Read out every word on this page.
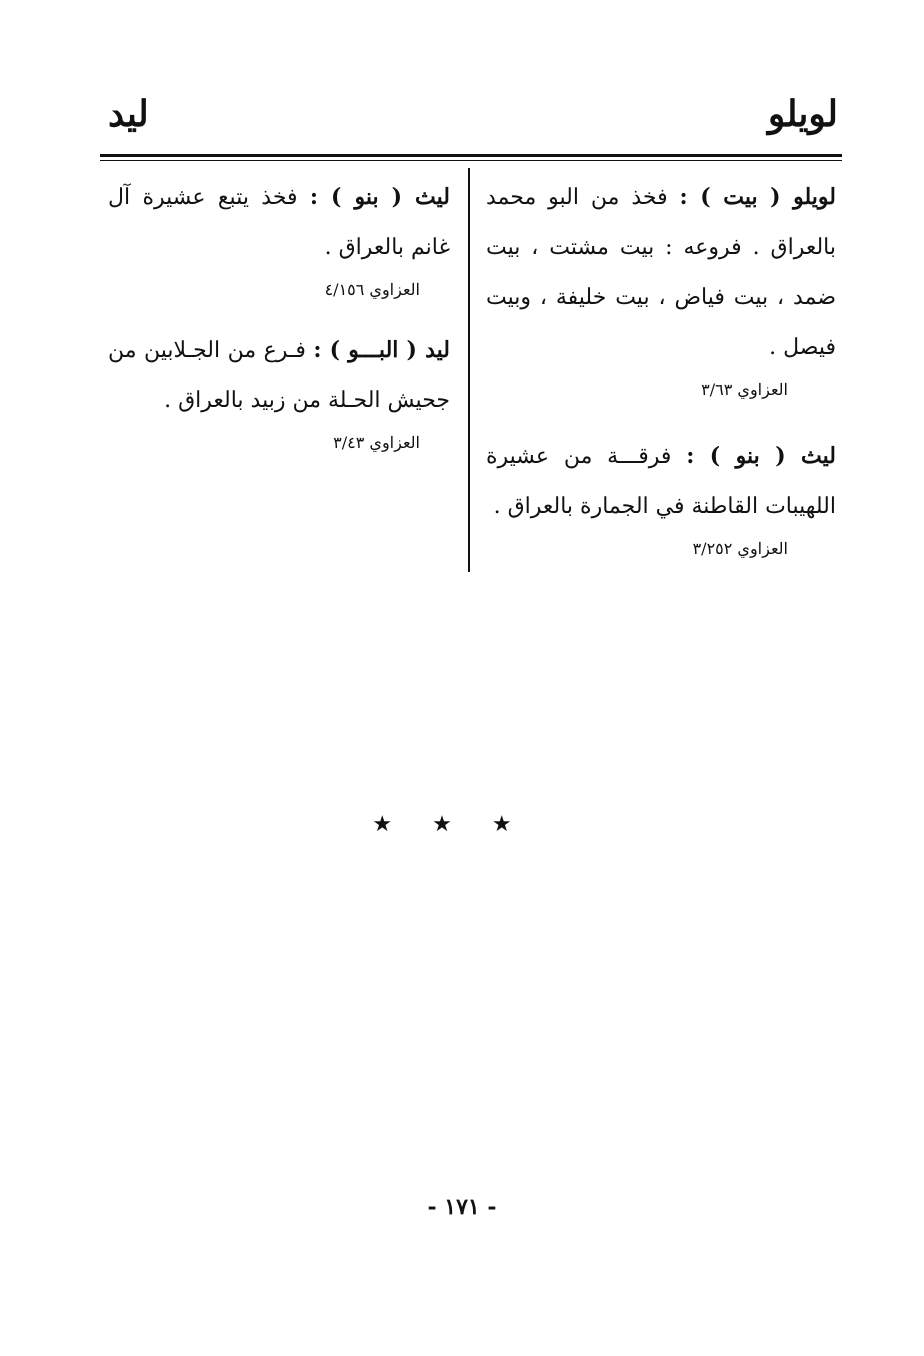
لويلو
ليد

لويلو ( بيت ) : فخذ من البو محمد بالعراق . فروعه : بيت مشتت ، بيت ضمد ، بيت فياض ، بيت خليفة ، وبيت فيصل .

العزاوي ٣/٦٣

ليث ( بنو ) : فرقـــة من عشيرة اللهيبات القاطنة في الجمارة بالعراق .

العزاوي ٣/٢٥٢

ليث ( بنو ) : فخذ يتبع عشيرة آل غانم بالعراق .

العزاوي ٤/١٥٦

ليد ( البـــو ) : فـرع من الجـلابين من جحيش الحـلة من زبيد بالعراق .

العزاوي ٣/٤٣

★★★
- ١٧١ -
